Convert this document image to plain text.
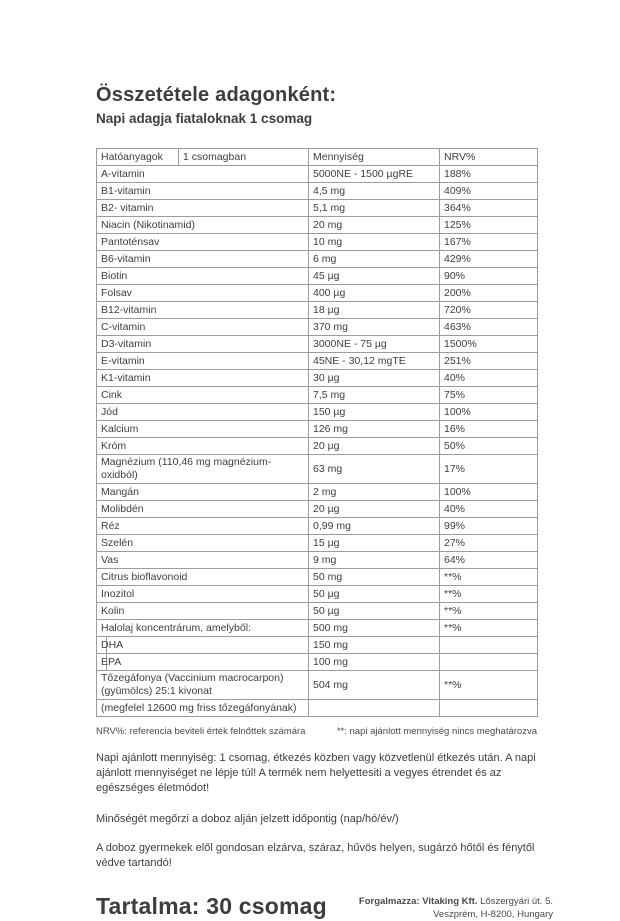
Összetétele adagonként:
Napi adagja fiataloknak 1 csomag
Hatóanyagok	1 csomagban	Mennyiség	NRV%
A-vitamin		5000NE - 1500 µgRE	188%
B1-vitamin		4,5 mg	409%
B2- vitamin		5,1 mg	364%
Niacin (Nikotinamid)		20 mg	125%
Pantoténsav		10 mg	167%
B6-vitamin		6 mg	429%
Biotin		45 µg	90%
Folsav		400 µg	200%
B12-vitamin		18 µg	720%
C-vitamin		370 mg	463%
D3-vitamin		3000NE - 75 µg	1500%
E-vitamin		45NE - 30,12 mgTE	251%
K1-vitamin		30 µg	40%
Cink		7,5 mg	75%
Jód		150 µg	100%
Kalcium		126 mg	16%
Króm		20 µg	50%
Magnézium (110,46 mg magnézium-oxidból)		63 mg	17%
Mangán		2 mg	100%
Molibdén		20 µg	40%
Réz		0,99 mg	99%
Szelén		15 µg	27%
Vas		9 mg	64%
Citrus bioflavonoid		50 mg	**%
Inozitol		50 µg	**%
Kolin		50 µg	**%
Halolaj koncentrárum, amelyből:		500 mg	**%
DHA		150 mg	
EPA		100 mg	
Tőzegáfonya (Vaccinium macrocarpon) (gyümölcs) 25:1 kivonat		504 mg	**%
(megfelel 12600 mg friss tőzegáfonyának)			
NRV%: referencia beviteli érték felnőttek számára	**: napi ajánlott mennyiség nincs meghatározva

Napi ajánlott mennyiség: 1 csomag, étkezés közben vagy közvetlenül étkezés után. A napi ajánlott mennyiséget ne lépje túl! A termék nem helyettesiti a vegyes étrendet és az egészséges életmódot!

Minőségét megőrzi a doboz alján jelzett időpontig (nap/hó/év/)

A doboz gyermekek elől gondosan elzárva, száraz, hűvös helyen, sugárzó hőtől és fénytől védve tartandó!

Tartalma: 30 csomag	Forgalmazza: Vitaking Kft. Lőszergyári út. 5.
Veszprém, H-8200, Hungary
